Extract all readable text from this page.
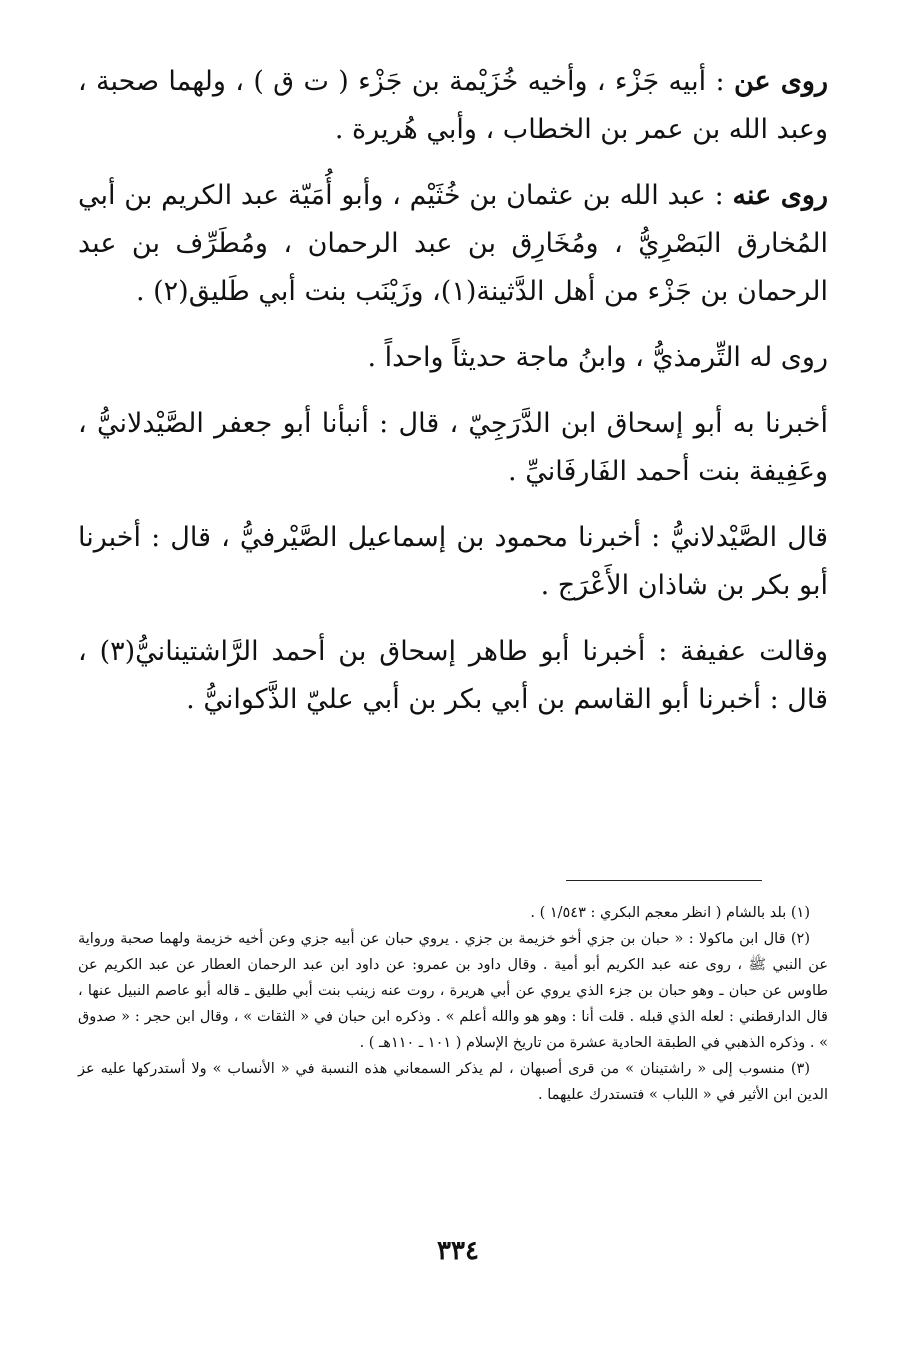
روى عن : أبيه جَزْء ، وأخيه خُزَيْمة بن جَزْء ( ت ق ) ، ولهما صحبة ، وعبد الله بن عمر بن الخطاب ، وأبي هُريرة .

روى عنه : عبد الله بن عثمان بن خُثَيْم ، وأبو أُمَيّة عبد الكريم بن أبي المُخارق البَصْرِيُّ ، ومُخَارِق بن عبد الرحمان ، ومُطَرِّف بن عبد الرحمان بن جَزْء من أهل الدَّثينة(١)، وزَيْنَب بنت أبي طَليق(٢) .

روى له التِّرمذيُّ ، وابنُ ماجة حديثاً واحداً .

أخبرنا به أبو إسحاق ابن الدَّرَجِيّ ، قال : أنبأنا أبو جعفر الصَّيْدلانيُّ ، وعَفِيفة بنت أحمد الفَارفَانيِّ .

قال الصَّيْدلانيُّ : أخبرنا محمود بن إسماعيل الصَّيْرفيُّ ، قال : أخبرنا أبو بكر بن شاذان الأَعْرَج .

وقالت عفيفة : أخبرنا أبو طاهر إسحاق بن أحمد الرَّاشتينانيُّ(٣) ، قال : أخبرنا أبو القاسم بن أبي بكر بن أبي عليّ الذَّكوانيُّ .

(١) بلد بالشام ( انظر معجم البكري : ١/٥٤٣ ) .

(٢) قال ابن ماكولا : « حبان بن جزي أخو خزيمة بن جزي . يروي حبان عن أبيه جزي وعن أخيه خزيمة ولهما صحبة ورواية عن النبي ﷺ ، روى عنه عبد الكريم أبو أمية . وقال داود بن عمرو: عن داود ابن عبد الرحمان العطار عن عبد الكريم عن طاوس عن حبان ـ وهو حبان بن جزء الذي يروي عن أبي هريرة ، روت عنه زينب بنت أبي طليق ـ قاله أبو عاصم النبيل عنها ، قال الدارقطني : لعله الذي قبله . قلت أنا : وهو هو والله أعلم » . وذكره ابن حبان في « الثقات » ، وقال ابن حجر : « صدوق » . وذكره الذهبي في الطبقة الحادية عشرة من تاريخ الإسلام ( ١٠١ ـ ١١٠هـ ) .

(٣) منسوب إلى « راشتينان » من قرى أصبهان ، لم يذكر السمعاني هذه النسبة في « الأنساب » ولا أستدركها عليه عز الدين ابن الأثير في « اللباب » فتستدرك عليهما .

٣٣٤
